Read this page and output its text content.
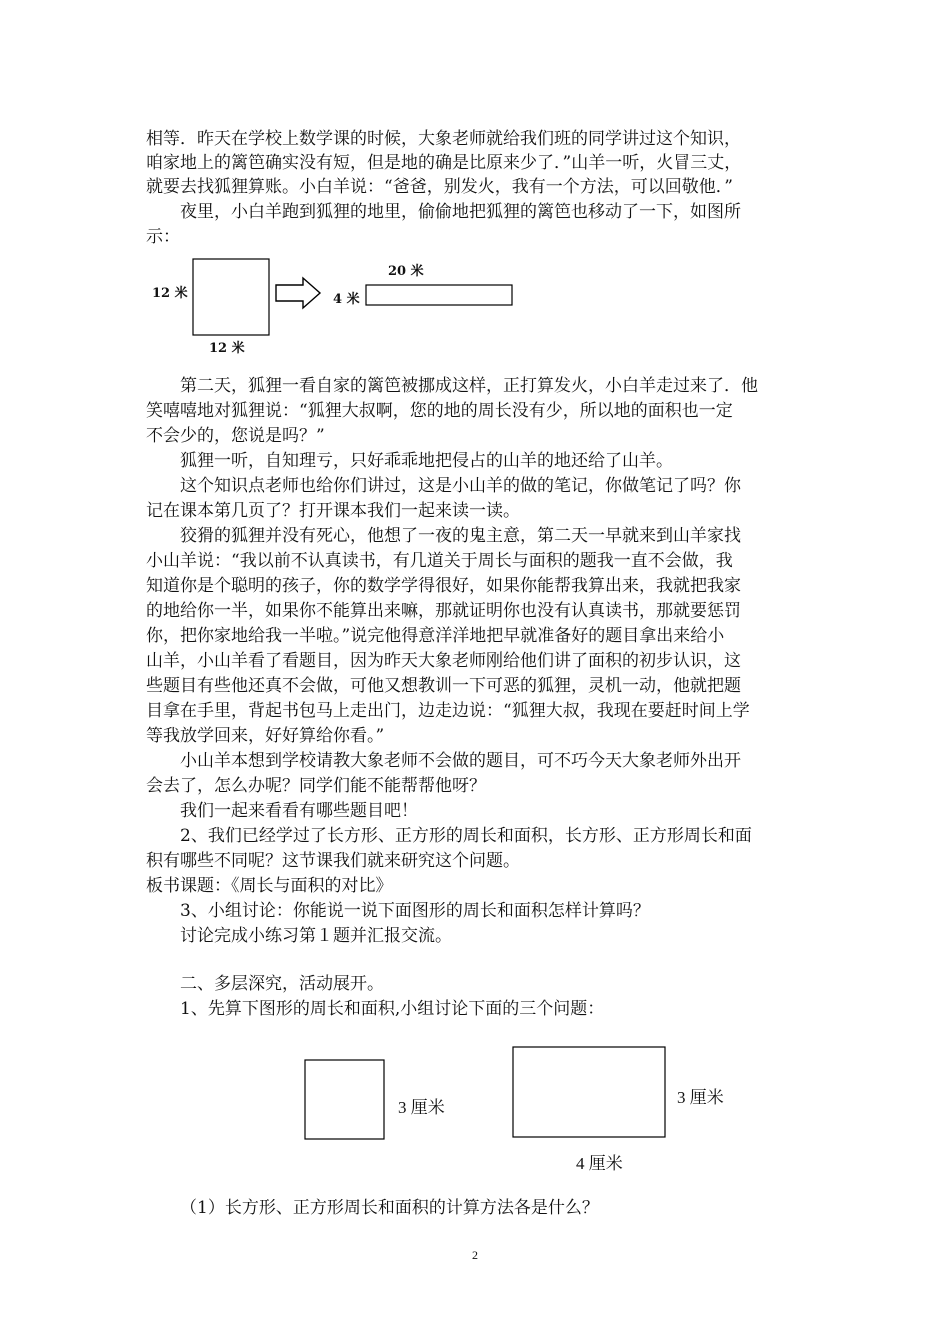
相等．昨天在学校上数学课的时候，大象老师就给我们班的同学讲过这个知识，

咱家地上的篱笆确实没有短，但是地的确是比原来少了．”山羊一听，火冒三丈，

就要去找狐狸算账。小白羊说：“爸爸，别发火，我有一个方法，可以回敬他．”

夜里，小白羊跑到狐狸的地里，偷偷地把狐狸的篱笆也移动了一下，如图所

示：

12 米
12 米
4 米
20 米

第二天，狐狸一看自家的篱笆被挪成这样，正打算发火，小白羊走过来了．他

笑嘻嘻地对狐狸说：“狐狸大叔啊，您的地的周长没有少，所以地的面积也一定

不会少的，您说是吗？”

狐狸一听，自知理亏，只好乖乖地把侵占的山羊的地还给了山羊。

这个知识点老师也给你们讲过，这是小山羊的做的笔记，你做笔记了吗？你

记在课本第几页了？打开课本我们一起来读一读。

狡猾的狐狸并没有死心，他想了一夜的鬼主意，第二天一早就来到山羊家找

小山羊说：“我以前不认真读书，有几道关于周长与面积的题我一直不会做，我

知道你是个聪明的孩子，你的数学学得很好，如果你能帮我算出来，我就把我家

的地给你一半，如果你不能算出来嘛，那就证明你也没有认真读书，那就要惩罚

你，把你家地给我一半啦。”说完他得意洋洋地把早就准备好的题目拿出来给小

山羊，小山羊看了看题目，因为昨天大象老师刚给他们讲了面积的初步认识，这

些题目有些他还真不会做，可他又想教训一下可恶的狐狸，灵机一动，他就把题

目拿在手里，背起书包马上走出门，边走边说：“狐狸大叔，我现在要赶时间上学

等我放学回来，好好算给你看。”

小山羊本想到学校请教大象老师不会做的题目，可不巧今天大象老师外出开

会去了，怎么办呢？同学们能不能帮帮他呀？

我们一起来看看有哪些题目吧！

2、我们已经学过了长方形、正方形的周长和面积，长方形、正方形周长和面

积有哪些不同呢？这节课我们就来研究这个问题。

板书课题：《周长与面积的对比》

3、小组讨论：你能说一说下面图形的周长和面积怎样计算吗？

讨论完成小练习第１题并汇报交流。

二、多层深究，活动展开。

1、先算下图形的周长和面积,小组讨论下面的三个问题：

3 厘米
3 厘米
4 厘米

（1）长方形、正方形周长和面积的计算方法各是什么？

2
